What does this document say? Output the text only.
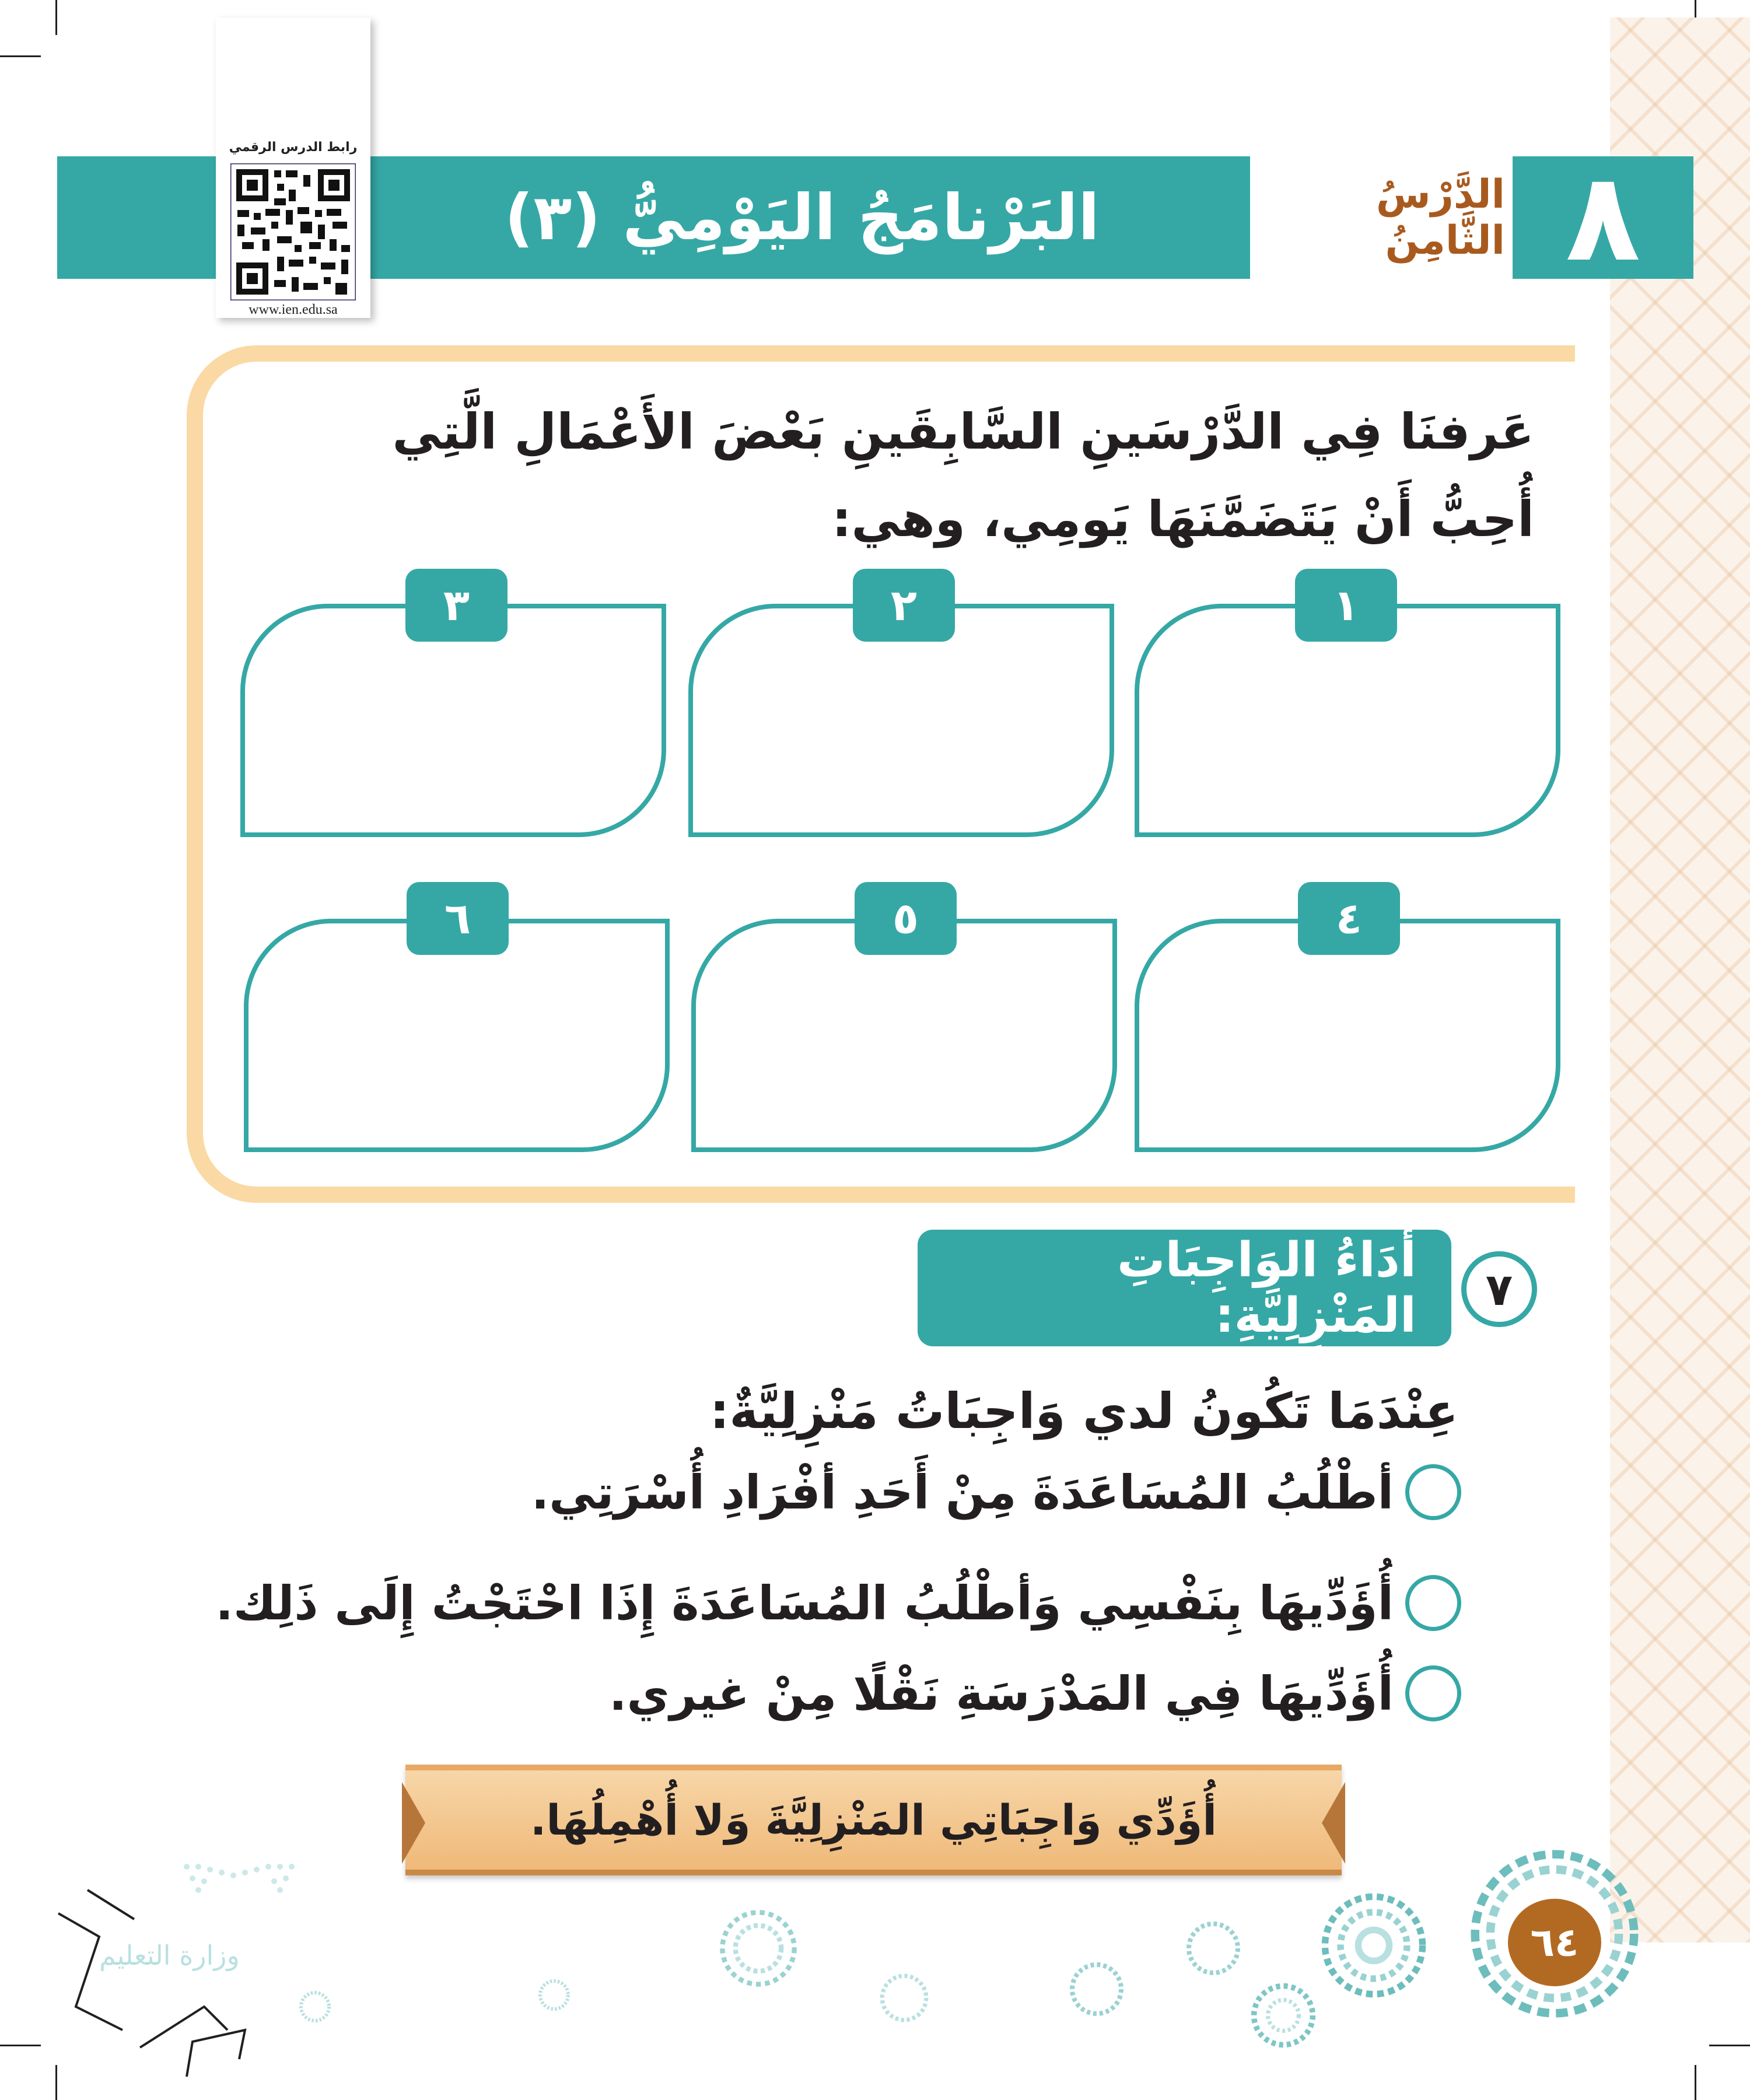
٨
الدَّرْسُ الثَّامِنُ
البَرْنامَجُ اليَوْمِيُّ (٣)
رابط الدرس الرقمي
www.ien.edu.sa
عَرفنَا فِي الدَّرْسَينِ السَّابِقَينِ بَعْضَ الأَعْمَالِ الَّتِي أُحِبُّ أَنْ يَتَضَمَّنَهَا يَومِي، وهي:
١
٢
٣
٤
٥
٦
٧
أَدَاءُ الوَاجِبَاتِ المَنْزِلِيَّةِ:
عِنْدَمَا تَكُونُ لدي وَاجِبَاتُ مَنْزِلِيَّةٌ:
أطْلُبُ المُسَاعَدَةَ مِنْ أَحَدِ أفْرَادِ أُسْرَتِي.
أُؤَدِّيهَا بِنَفْسِي وَأطْلُبُ المُسَاعَدَةَ إِذَا احْتَجْتُ إِلَى ذَلِك.
أُؤَدِّيهَا فِي المَدْرَسَةِ نَقْلًا مِنْ غيري.
أُؤَدِّي وَاجِبَاتِي المَنْزِلِيَّةَ وَلا أُهْمِلُهَا.
٦٤
وزارة التعليم
